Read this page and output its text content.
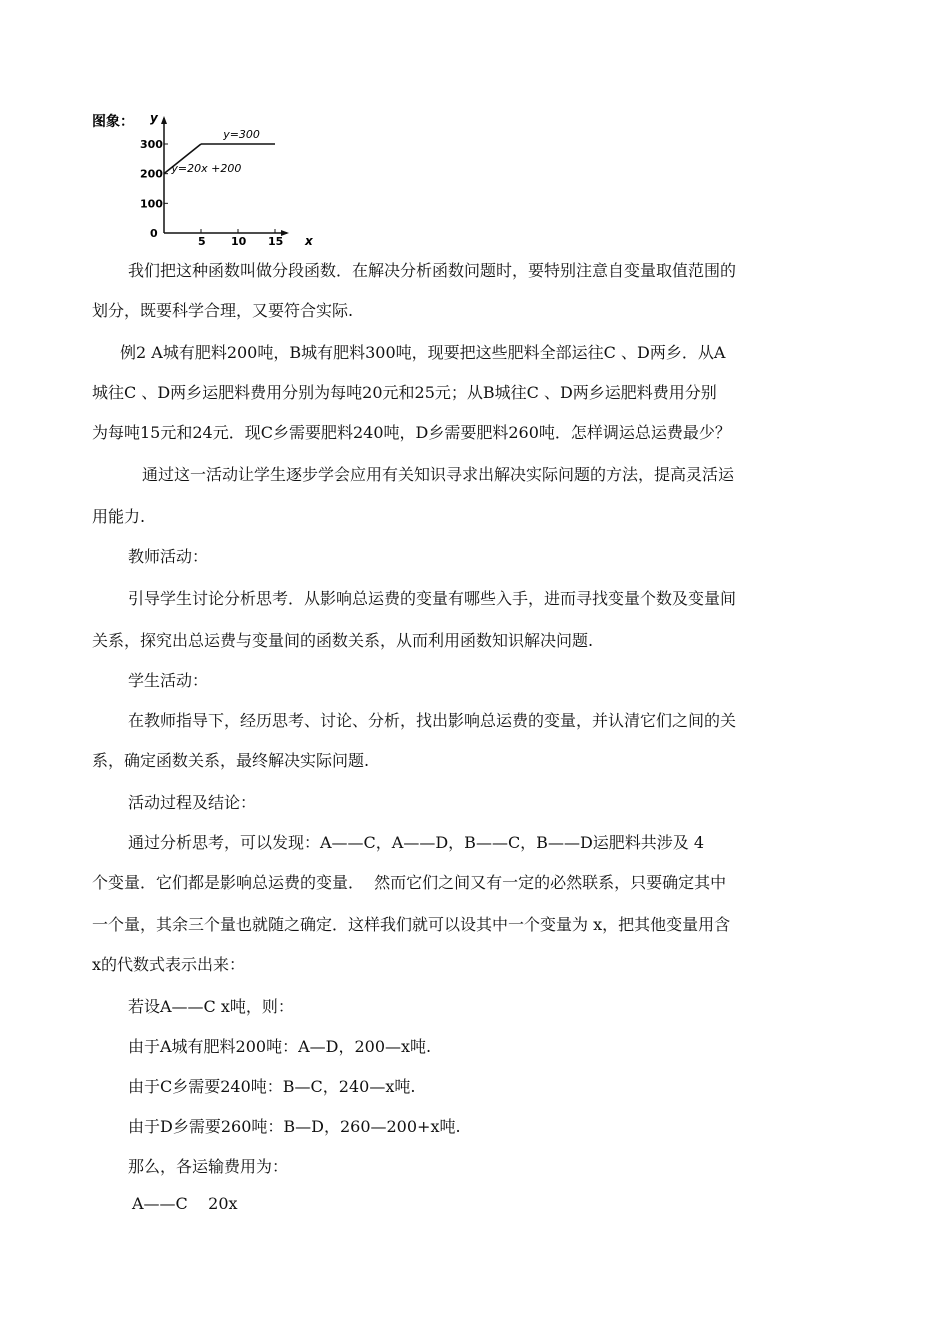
图象： y
x
0
300
200
100
5 10 15
y=20x +200
y=300

我们把这种函数叫做分段函数．在解决分析函数问题时，要特别注意自变量取值范围的

划分，既要科学合理，又要符合实际.

例2 A城有肥料200吨，B城有肥料300吨，现要把这些肥料全部运往C 、D两乡．从A

城往C 、D两乡运肥料费用分别为每吨20元和25元；从B城往C 、D两乡运肥料费用分别

为每吨15元和24元．现C乡需要肥料240吨，D乡需要肥料260吨．怎样调运总运费最少？

通过这一活动让学生逐步学会应用有关知识寻求出解决实际问题的方法，提高灵活运

用能力.

教师活动：

引导学生讨论分析思考．从影响总运费的变量有哪些入手，进而寻找变量个数及变量间

关系，探究出总运费与变量间的函数关系，从而利用函数知识解决问题.

学生活动：

在教师指导下，经历思考、讨论、分析，找出影响总运费的变量，并认清它们之间的关

系，确定函数关系，最终解决实际问题.

活动过程及结论：

通过分析思考，可以发现：A——C，A——D，B——C，B——D运肥料共涉及 4

个变量．它们都是影响总运费的变量．  然而它们之间又有一定的必然联系，只要确定其中

一个量，其余三个量也就随之确定．这样我们就可以设其中一个变量为 x，把其他变量用含

x的代数式表示出来：

若设A——C x吨，则：

由于A城有肥料200吨：A—D，200—x吨.

由于C乡需要240吨：B—C，240—x吨.

由于D乡需要260吨：B—D，260—200+x吨.

那么，各运输费用为：

A——C    20x
